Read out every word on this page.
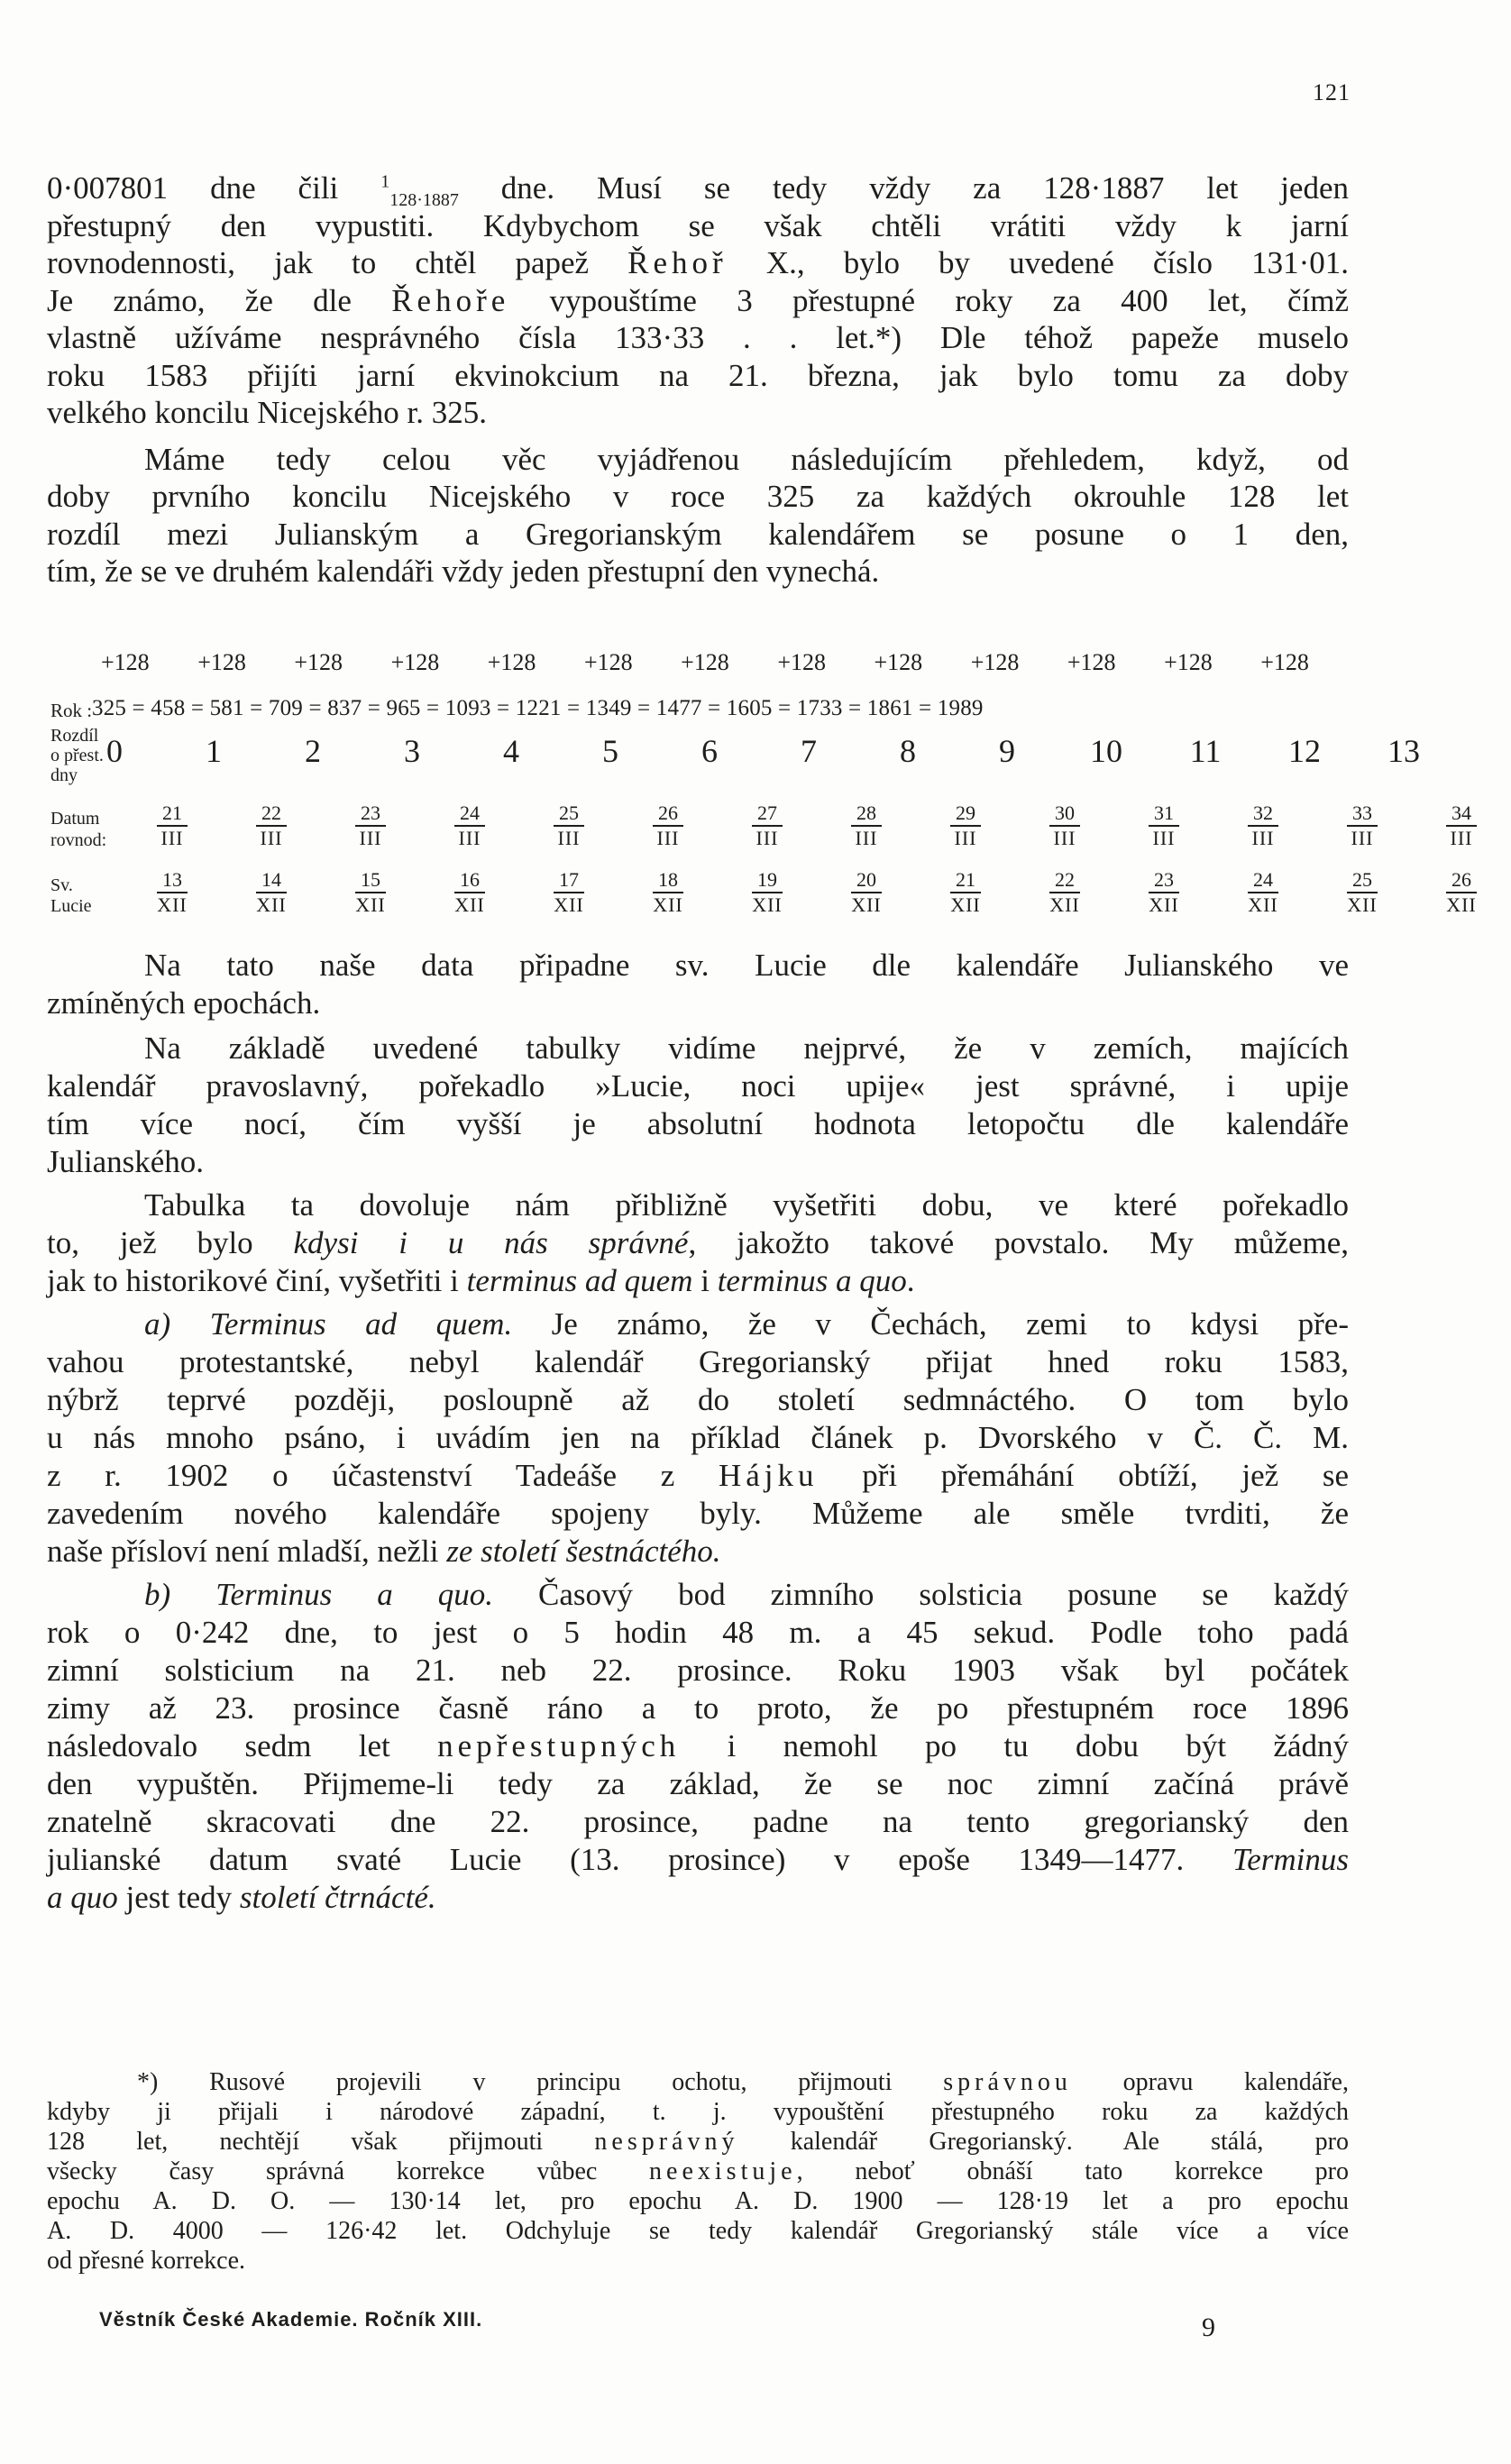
121

0·007801 dne čili $^1_{128\cdot 1887}$ dne. Musí se tedy vždy za 128·1887 let jeden

přestupný den vypustiti. Kdybychom se však chtěli vrátiti vždy k jarní

rovnodennosti, jak to chtěl papež Řehoř X., bylo by uvedené číslo 131·01.

Je známo, že dle Řehoře vypouštíme 3 přestupné roky za 400 let, čímž

vlastně užíváme nesprávného čísla 133·33 . . let.*) Dle téhož papeže muselo

roku 1583 přijíti jarní ekvinokcium na 21. března, jak bylo tomu za doby

velkého koncilu Nicejského r. 325.

Máme tedy celou věc vyjádřenou následujícím přehledem, když, od

doby prvního koncilu Nicejského v roce 325 za každých okrouhle 128 let

rozdíl mezi Julianským a Gregorianským kalendářem se posune o 1 den,

tím, že se ve druhém kalendáři vždy jeden přestupní den vynechá.

+128 +128 +128 +128 +128 +128 +128 +128 +128 +128 +128 +128 +128
Rok : 325 = 458 = 581 = 709 = 837 = 965 = 1093 = 1221 = 1349 = 1477 = 1605 = 1733 = 1861 = 1989
Rozdíl
o přest.
dny
0	1	2	3	4	5	6	7	8	9	10	11	12	13
Datum
rovnod:	$\frac{21}{\text{III}}$	$\frac{22}{\text{III}}$	$\frac{23}{\text{III}}$	$\frac{24}{\text{III}}$	$\frac{25}{\text{III}}$	$\frac{26}{\text{III}}$	$\frac{27}{\text{III}}$	$\frac{28}{\text{III}}$	$\frac{29}{\text{III}}$	$\frac{30}{\text{III}}$	$\frac{31}{\text{III}}$	$\frac{32}{\text{III}}$	$\frac{33}{\text{III}}$	$\frac{34}{\text{III}}$
Sv.
Lucie	$\frac{13}{\text{XII}}$	$\frac{14}{\text{XII}}$	$\frac{15}{\text{XII}}$	$\frac{16}{\text{XII}}$	$\frac{17}{\text{XII}}$	$\frac{18}{\text{XII}}$	$\frac{19}{\text{XII}}$	$\frac{20}{\text{XII}}$	$\frac{21}{\text{XII}}$	$\frac{22}{\text{XII}}$	$\frac{23}{\text{XII}}$	$\frac{24}{\text{XII}}$	$\frac{25}{\text{XII}}$	$\frac{26}{\text{XII}}$

Na tato naše data připadne sv. Lucie dle kalendáře Julianského ve

zmíněných epochách.

Na základě uvedené tabulky vidíme nejprvé, že v zemích, majících

kalendář pravoslavný, pořekadlo »Lucie, noci upije« jest správné, i upije

tím více nocí, čím vyšší je absolutní hodnota letopočtu dle kalendáře

Julianského.

Tabulka ta dovoluje nám přibližně vyšetřiti dobu, ve které pořekadlo

to, jež bylo kdysi i u nás správné, jakožto takové povstalo. My můžeme,

jak to historikové činí, vyšetřiti i terminus ad quem i terminus a quo.

a) Terminus ad quem. Je známo, že v Čechách, zemi to kdysi pře-

vahou protestantské, nebyl kalendář Gregorianský přijat hned roku 1583,

nýbrž teprvé později, posloupně až do století sedmnáctého. O tom bylo

u nás mnoho psáno, i uvádím jen na příklad článek p. Dvorského v Č. Č. M.

z r. 1902 o účastenství Tadeáše z Hájku při přemáhání obtíží, jež se

zavedením nového kalendáře spojeny byly. Můžeme ale směle tvrditi, že

naše přísloví není mladší, nežli ze století šestnáctého.

b) Terminus a quo. Časový bod zimního solsticia posune se každý

rok o 0·242 dne, to jest o 5 hodin 48 m. a 45 sekud. Podle toho padá

zimní solsticium na 21. neb 22. prosince. Roku 1903 však byl počátek

zimy až 23. prosince časně ráno a to proto, že po přestupném roce 1896

následovalo sedm let nepřestupných i nemohl po tu dobu být žádný

den vypuštěn. Přijmeme-li tedy za základ, že se noc zimní začíná právě

znatelně skracovati dne 22. prosince, padne na tento gregorianský den

julianské datum svaté Lucie (13. prosince) v epoše 1349—1477. Terminus

a quo jest tedy století čtrnácté.

*) Rusové projevili v principu ochotu, přijmouti správnou opravu kalendáře,

kdyby ji přijali i národové západní, t. j. vypouštění přestupného roku za každých

128 let, nechtějí však přijmouti nesprávný kalendář Gregorianský. Ale stálá, pro

všecky časy správná korrekce vůbec neexistuje, neboť obnáší tato korrekce pro

epochu A. D. O. — 130·14 let, pro epochu A. D. 1900 — 128·19 let a pro epochu

A. D. 4000 — 126·42 let. Odchyluje se tedy kalendář Gregorianský stále více a více

od přesné korrekce.

Věstník České Akademie. Ročník XIII.	9
